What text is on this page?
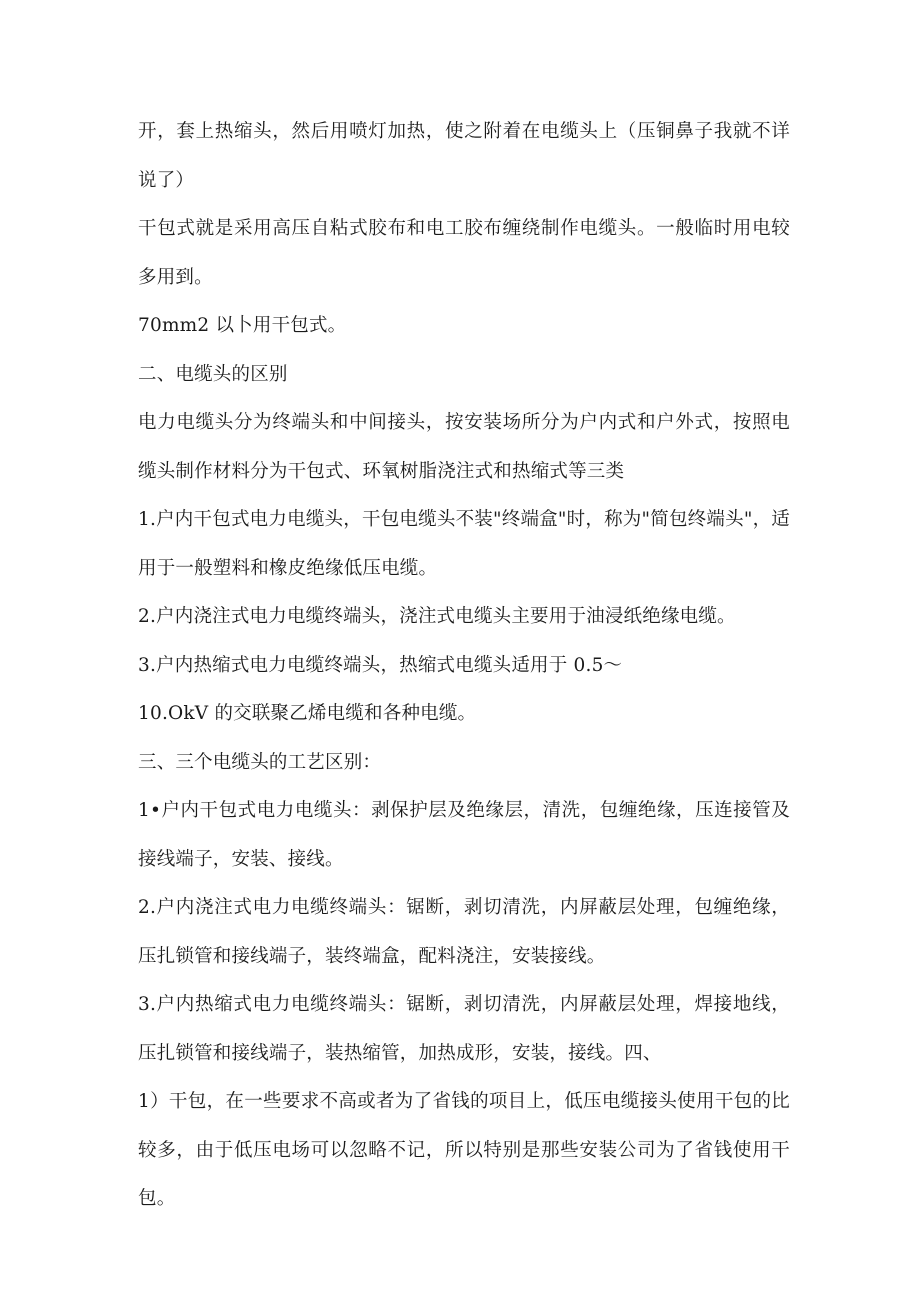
开，套上热缩头，然后用喷灯加热，使之附着在电缆头上（压铜鼻子我就不详说了）

干包式就是采用高压自粘式胶布和电工胶布缠绕制作电缆头。一般临时用电较多用到。

70mm2 以卜用干包式。

二、电缆头的区别

电力电缆头分为终端头和中间接头，按安装场所分为户内式和户外式，按照电缆头制作材料分为干包式、环氧树脂浇注式和热缩式等三类

1.户内干包式电力电缆头，干包电缆头不装"终端盒"时，称为"简包终端头"，适用于一般塑料和橡皮绝缘低压电缆。

2.户内浇注式电力电缆终端头，浇注式电缆头主要用于油浸纸绝缘电缆。

3.户内热缩式电力电缆终端头，热缩式电缆头适用于 0.5～

10.OkV 的交联聚乙烯电缆和各种电缆。

三、三个电缆头的工艺区别：

1•户内干包式电力电缆头：剥保护层及绝缘层，清洗，包缠绝缘，压连接管及接线端子，安装、接线。

2.户内浇注式电力电缆终端头：锯断，剥切清洗，内屏蔽层处理，包缠绝缘，压扎锁管和接线端子，装终端盒，配料浇注，安装接线。

3.户内热缩式电力电缆终端头：锯断，剥切清洗，内屏蔽层处理，焊接地线，压扎锁管和接线端子，装热缩管，加热成形，安装，接线。四、

1）干包，在一些要求不高或者为了省钱的项目上，低压电缆接头使用干包的比较多，由于低压电场可以忽略不记，所以特别是那些安装公司为了省钱使用干包。
